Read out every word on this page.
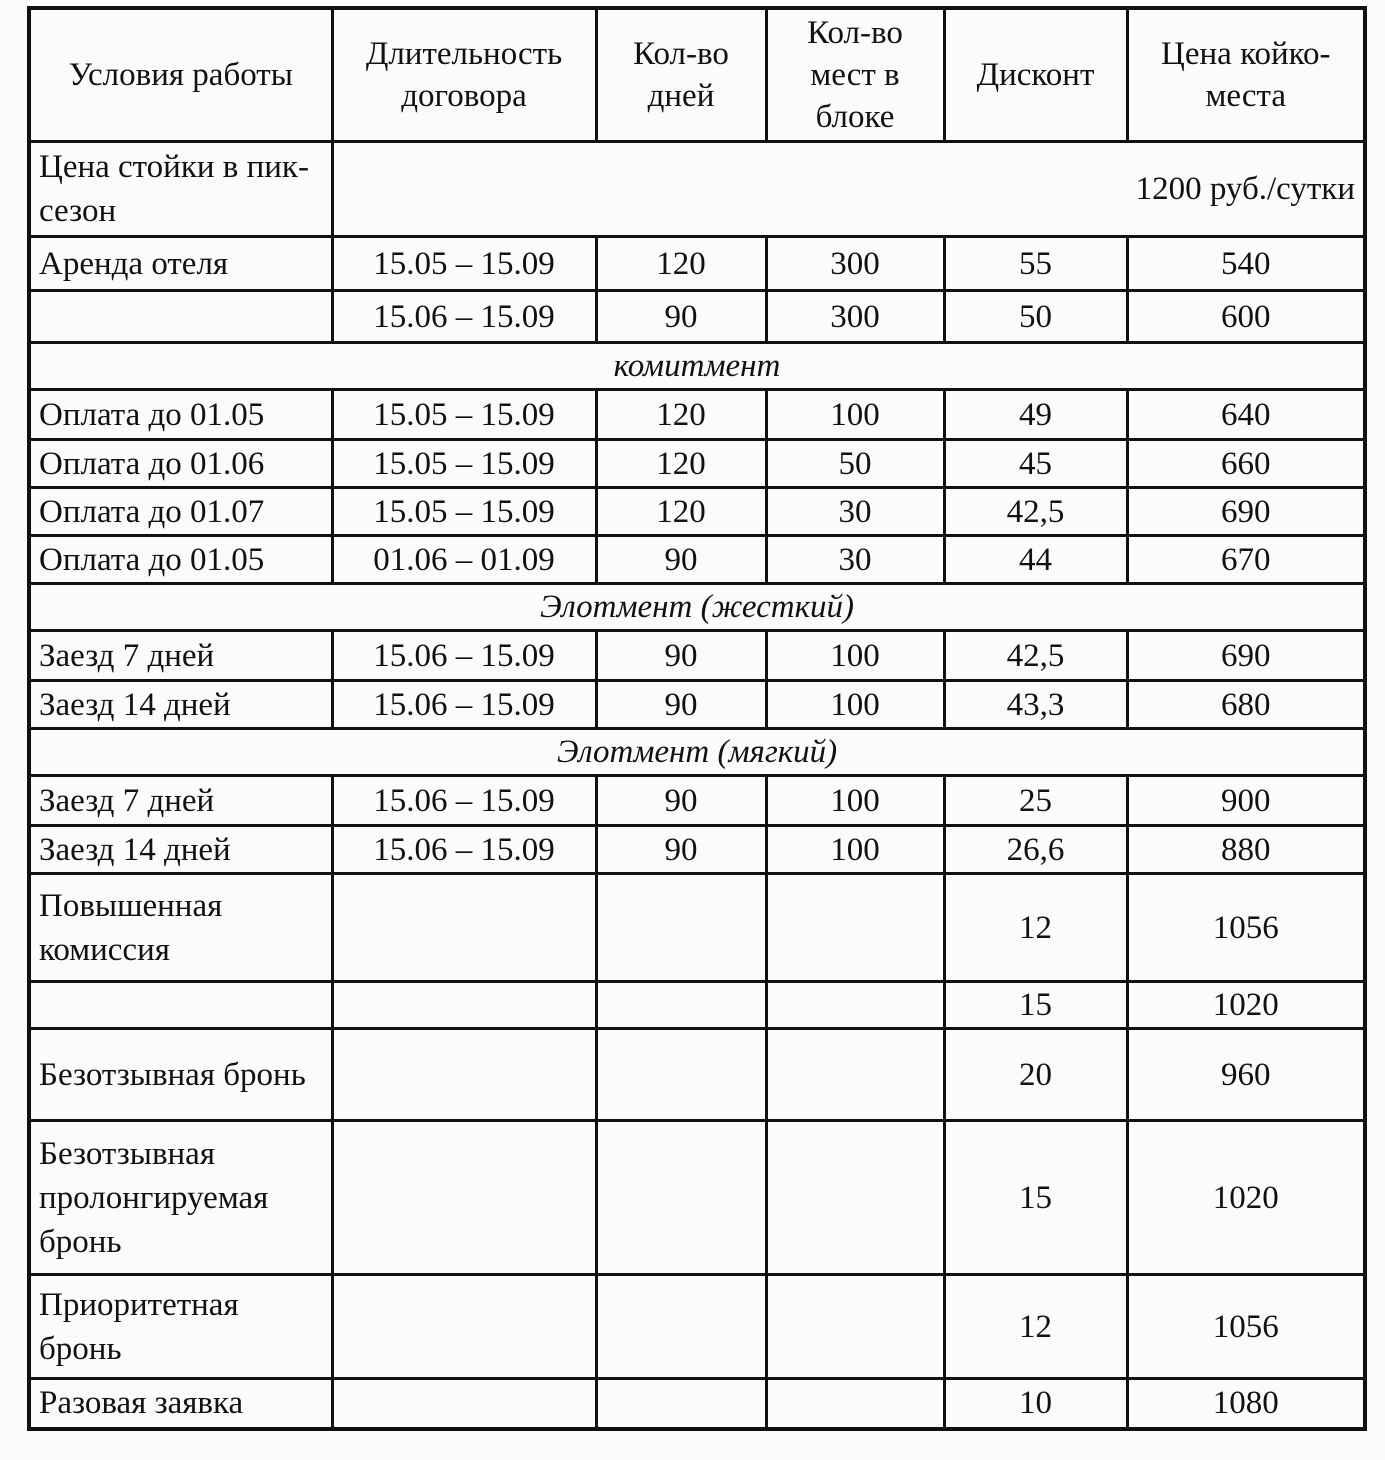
Условия работы	Длительность договора	Кол-во дней	Кол-во мест в блоке	Дисконт	Цена койко-места
Цена стойки в пик-сезон	1200 руб./сутки				
Аренда отеля	15.05 – 15.09	120	300	55	540
	15.06 – 15.09	90	300	50	600
комитмент					
Оплата до 01.05	15.05 – 15.09	120	100	49	640
Оплата до 01.06	15.05 – 15.09	120	50	45	660
Оплата до 01.07	15.05 – 15.09	120	30	42,5	690
Оплата до 01.05	01.06 – 01.09	90	30	44	670
Элотмент (жесткий)					
Заезд 7 дней	15.06 – 15.09	90	100	42,5	690
Заезд 14 дней	15.06 – 15.09	90	100	43,3	680
Элотмент (мягкий)					
Заезд 7 дней	15.06 – 15.09	90	100	25	900
Заезд 14 дней	15.06 – 15.09	90	100	26,6	880
Повышенная комиссия				12	1056
				15	1020
Безотзывная бронь				20	960
Безотзывная пролонгируемая бронь				15	1020
Приоритетная бронь				12	1056
Разовая заявка				10	1080
